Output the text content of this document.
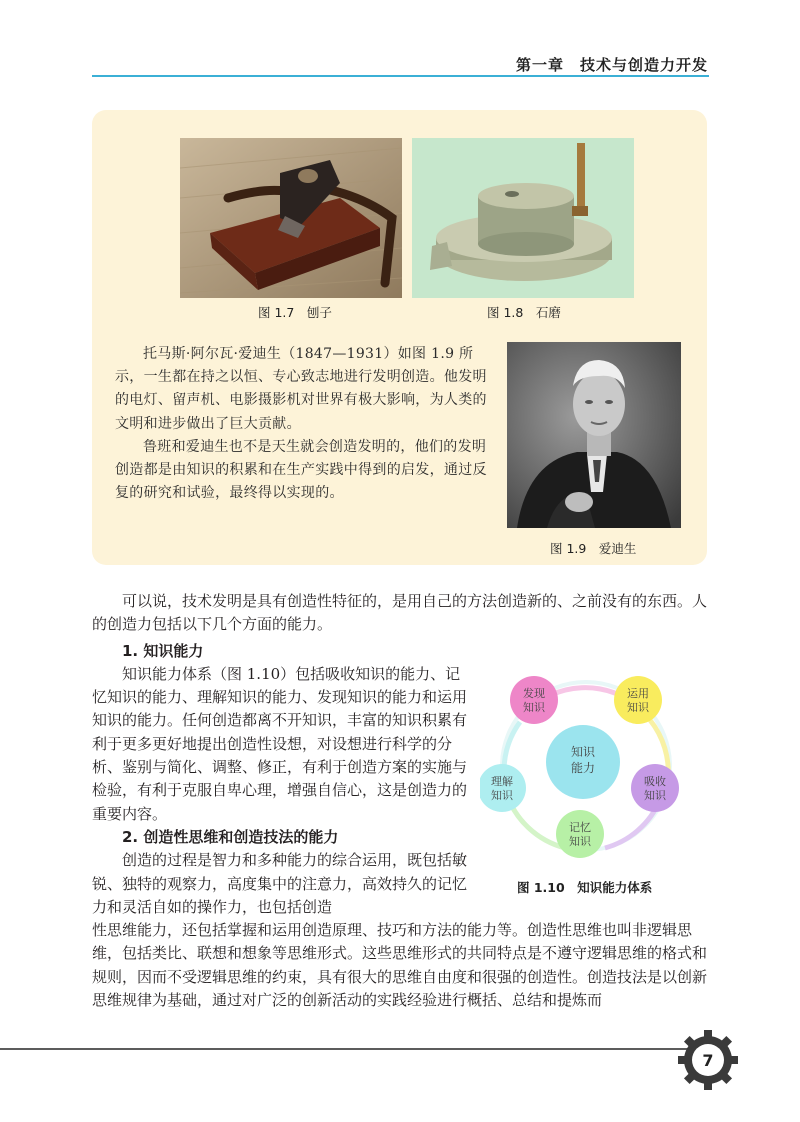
第一章　技术与创造力开发
图 1.7　刨子	图 1.8　石磨

托马斯·阿尔瓦·爱迪生（1847—1931）如图 1.9 所示，一生都在持之以恒、专心致志地进行发明创造。他发明的电灯、留声机、电影摄影机对世界有极大影响，为人类的文明和进步做出了巨大贡献。

鲁班和爱迪生也不是天生就会创造发明的，他们的发明创造都是由知识的积累和在生产实践中得到的启发，通过反复的研究和试验，最终得以实现的。

图 1.9　爱迪生

可以说，技术发明是具有创造性特征的，是用自己的方法创造新的、之前没有的东西。人的创造力包括以下几个方面的能力。

1. 知识能力

知识能力体系（图 1.10）包括吸收知识的能力、记忆知识的能力、理解知识的能力、发现知识的能力和运用知识的能力。任何创造都离不开知识，丰富的知识积累有利于更多更好地提出创造性设想，对设想进行科学的分析、鉴别与简化、调整、修正，有利于创造方案的实施与检验，有利于克服自卑心理，增强自信心，这是创造力的重要内容。

2. 创造性思维和创造技法的能力

创造的过程是智力和多种能力的综合运用，既包括敏锐、独特的观察力，高度集中的注意力，高效持久的记忆力和灵活自如的操作力，也包括创造

性思维能力，还包括掌握和运用创造原理、技巧和方法的能力等。创造性思维也叫非逻辑思维，包括类比、联想和想象等思维形式。这些思维形式的共同特点是不遵守逻辑思维的格式和规则，因而不受逻辑思维的约束，具有很大的思维自由度和很强的创造性。创造技法是以创新思维规律为基础，通过对广泛的创新活动的实践经验进行概括、总结和提炼而

知识
能力
发现
知识
运用
知识
吸收
知识
记忆
知识
理解
知识
图 1.10　知识能力体系
7
